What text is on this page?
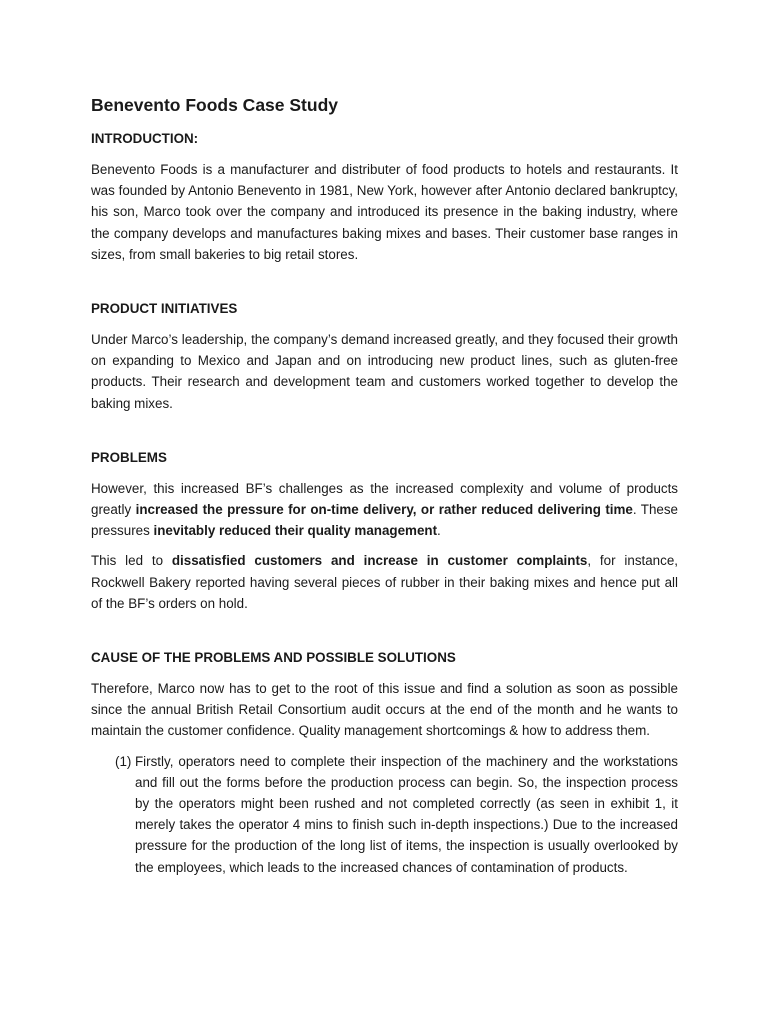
Benevento Foods Case Study
INTRODUCTION:

Benevento Foods is a manufacturer and distributer of food products to hotels and restaurants. It was founded by Antonio Benevento in 1981, New York, however after Antonio declared bankruptcy, his son, Marco took over the company and introduced its presence in the baking industry, where the company develops and manufactures baking mixes and bases. Their customer base ranges in sizes, from small bakeries to big retail stores.

PRODUCT INITIATIVES

Under Marco’s leadership, the company’s demand increased greatly, and they focused their growth on expanding to Mexico and Japan and on introducing new product lines, such as gluten-free products. Their research and development team and customers worked together to develop the baking mixes.

PROBLEMS

However, this increased BF’s challenges as the increased complexity and volume of products greatly increased the pressure for on-time delivery, or rather reduced delivering time. These pressures inevitably reduced their quality management.

This led to dissatisfied customers and increase in customer complaints, for instance, Rockwell Bakery reported having several pieces of rubber in their baking mixes and hence put all of the BF’s orders on hold.

CAUSE OF THE PROBLEMS AND POSSIBLE SOLUTIONS

Therefore, Marco now has to get to the root of this issue and find a solution as soon as possible since the annual British Retail Consortium audit occurs at the end of the month and he wants to maintain the customer confidence. Quality management shortcomings & how to address them.

(1) Firstly, operators need to complete their inspection of the machinery and the workstations and fill out the forms before the production process can begin. So, the inspection process by the operators might been rushed and not completed correctly (as seen in exhibit 1, it merely takes the operator 4 mins to finish such in-depth inspections.) Due to the increased pressure for the production of the long list of items, the inspection is usually overlooked by the employees, which leads to the increased chances of contamination of products.
